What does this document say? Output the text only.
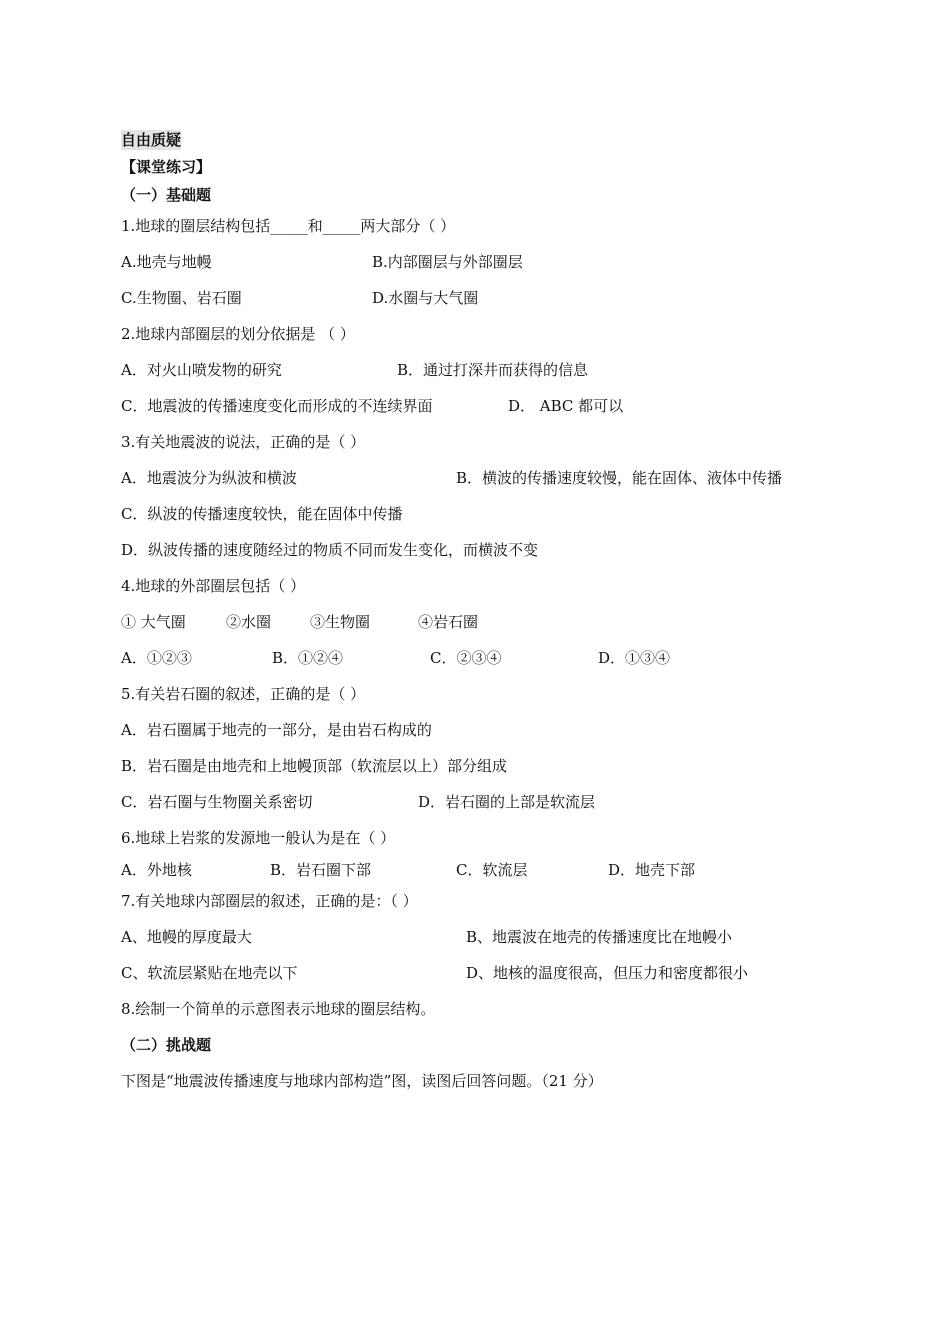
自由质疑
【课堂练习】
（一）基础题
1.地球的圈层结构包括_____和_____两大部分（ ）
A.地壳与地幔	B.内部圈层与外部圈层
C.生物圈、岩石圈	D.水圈与大气圈
2.地球内部圈层的划分依据是 （ ）
A．对火山喷发物的研究	B．通过打深井而获得的信息
C．地震波的传播速度变化而形成的不连续界面	D． ABC 都可以
3.有关地震波的说法，正确的是（ ）
A．地震波分为纵波和横波	B．横波的传播速度较慢，能在固体、液体中传播
C．纵波的传播速度较快，能在固体中传播
D．纵波传播的速度随经过的物质不同而发生变化，而横波不变
4.地球的外部圈层包括（ ）
① 大气圈	②水圈	③生物圈	④岩石圈
A．①②③	B．①②④	C．②③④	D．①③④
5.有关岩石圈的叙述，正确的是（ ）
A．岩石圈属于地壳的一部分，是由岩石构成的
B．岩石圈是由地壳和上地幔顶部（软流层以上）部分组成
C．岩石圈与生物圈关系密切	D．岩石圈的上部是软流层
6.地球上岩浆的发源地一般认为是在（ ）
A．外地核	B．岩石圈下部	C．软流层	D．地壳下部
7.有关地球内部圈层的叙述，正确的是：（ ）
A、地幔的厚度最大	B、地震波在地壳的传播速度比在地幔小
C、软流层紧贴在地壳以下	D、地核的温度很高，但压力和密度都很小
8.绘制一个简单的示意图表示地球的圈层结构。
（二）挑战题
下图是“地震波传播速度与地球内部构造”图，读图后回答问题。（21 分）
